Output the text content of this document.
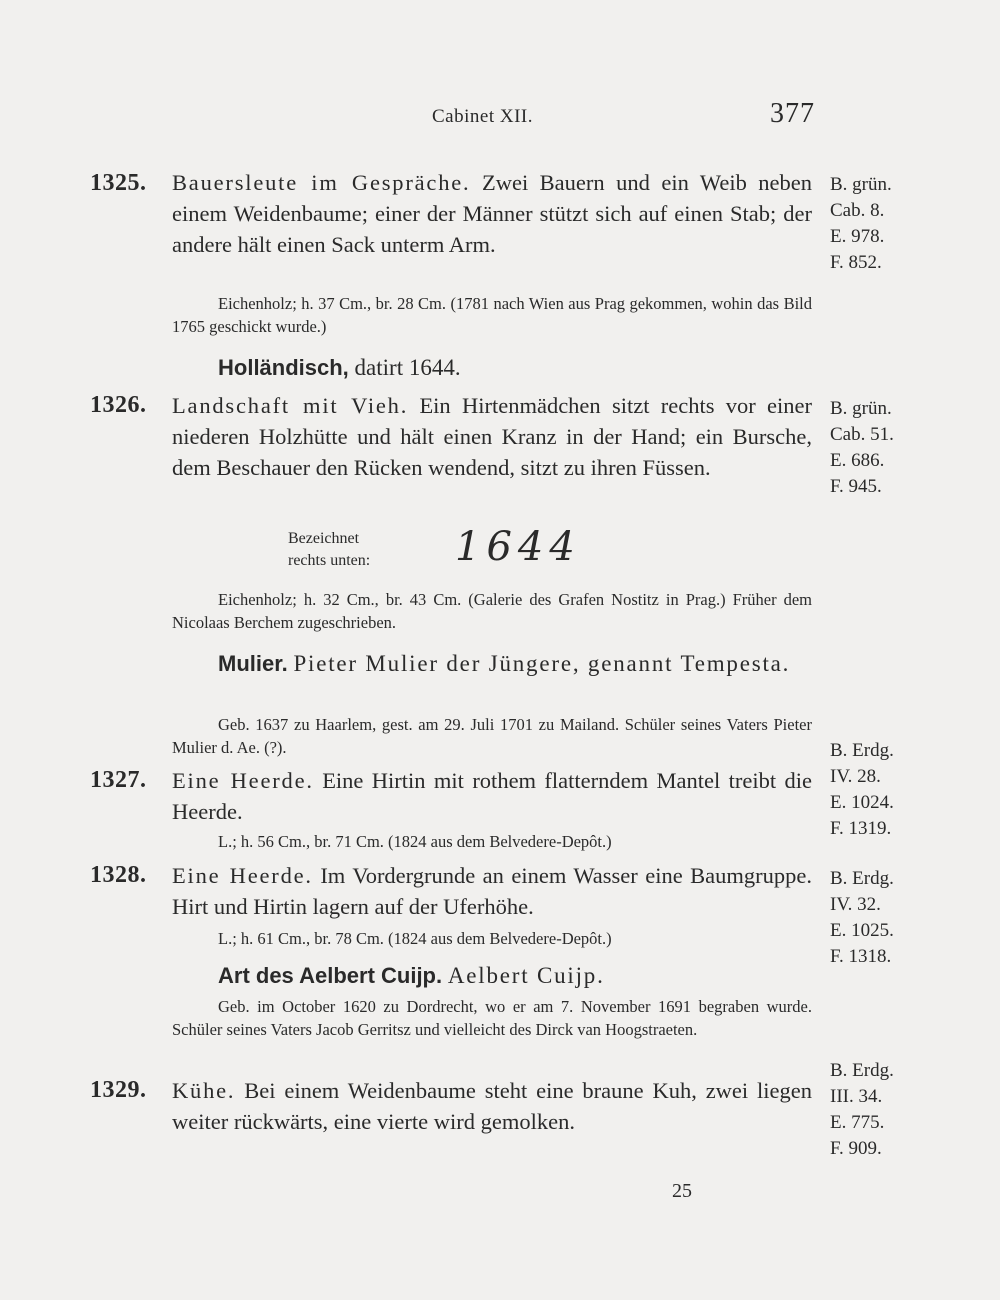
Cabinet XII.	377
1325. Bauersleute im Gespräche. Zwei Bauern und ein Weib neben einem Weidenbaume; einer der Männer stützt sich auf einen Stab; der andere hält einen Sack unterm Arm.
B. grün.
Cab. 8.
E. 978.
F. 852.
Eichenholz; h. 37 Cm., br. 28 Cm. (1781 nach Wien aus Prag gekommen, wohin das Bild 1765 geschickt wurde.)
Holländisch, datirt 1644.
1326. Landschaft mit Vieh. Ein Hirtenmädchen sitzt rechts vor einer niederen Holzhütte und hält einen Kranz in der Hand; ein Bursche, dem Beschauer den Rücken wendend, sitzt zu ihren Füssen.
B. grün.
Cab. 51.
E. 686.
F. 945.
Bezeichnet
rechts unten: 1644
Eichenholz; h. 32 Cm., br. 43 Cm. (Galerie des Grafen Nostitz in Prag.) Früher dem Nicolaas Berchem zugeschrieben.
Mulier. Pieter Mulier der Jüngere, genannt Tempesta.
Geb. 1637 zu Haarlem, gest. am 29. Juli 1701 zu Mailand. Schüler seines Vaters Pieter Mulier d. Ae. (?).
1327. Eine Heerde. Eine Hirtin mit rothem flatterndem Mantel treibt die Heerde.
B. Erdg.
IV. 28.
E. 1024.
F. 1319.
L.; h. 56 Cm., br. 71 Cm. (1824 aus dem Belvedere-Depôt.)
1328. Eine Heerde. Im Vordergrunde an einem Wasser eine Baumgruppe. Hirt und Hirtin lagern auf der Uferhöhe.
B. Erdg.
IV. 32.
E. 1025.
F. 1318.
L.; h. 61 Cm., br. 78 Cm. (1824 aus dem Belvedere-Depôt.)
Art des Aelbert Cuijp. Aelbert Cuijp.
Geb. im October 1620 zu Dordrecht, wo er am 7. November 1691 begraben wurde. Schüler seines Vaters Jacob Gerritsz und vielleicht des Dirck van Hoogstraeten.
1329. Kühe. Bei einem Weidenbaume steht eine braune Kuh, zwei liegen weiter rückwärts, eine vierte wird gemolken.
B. Erdg.
III. 34.
E. 775.
F. 909.
25
